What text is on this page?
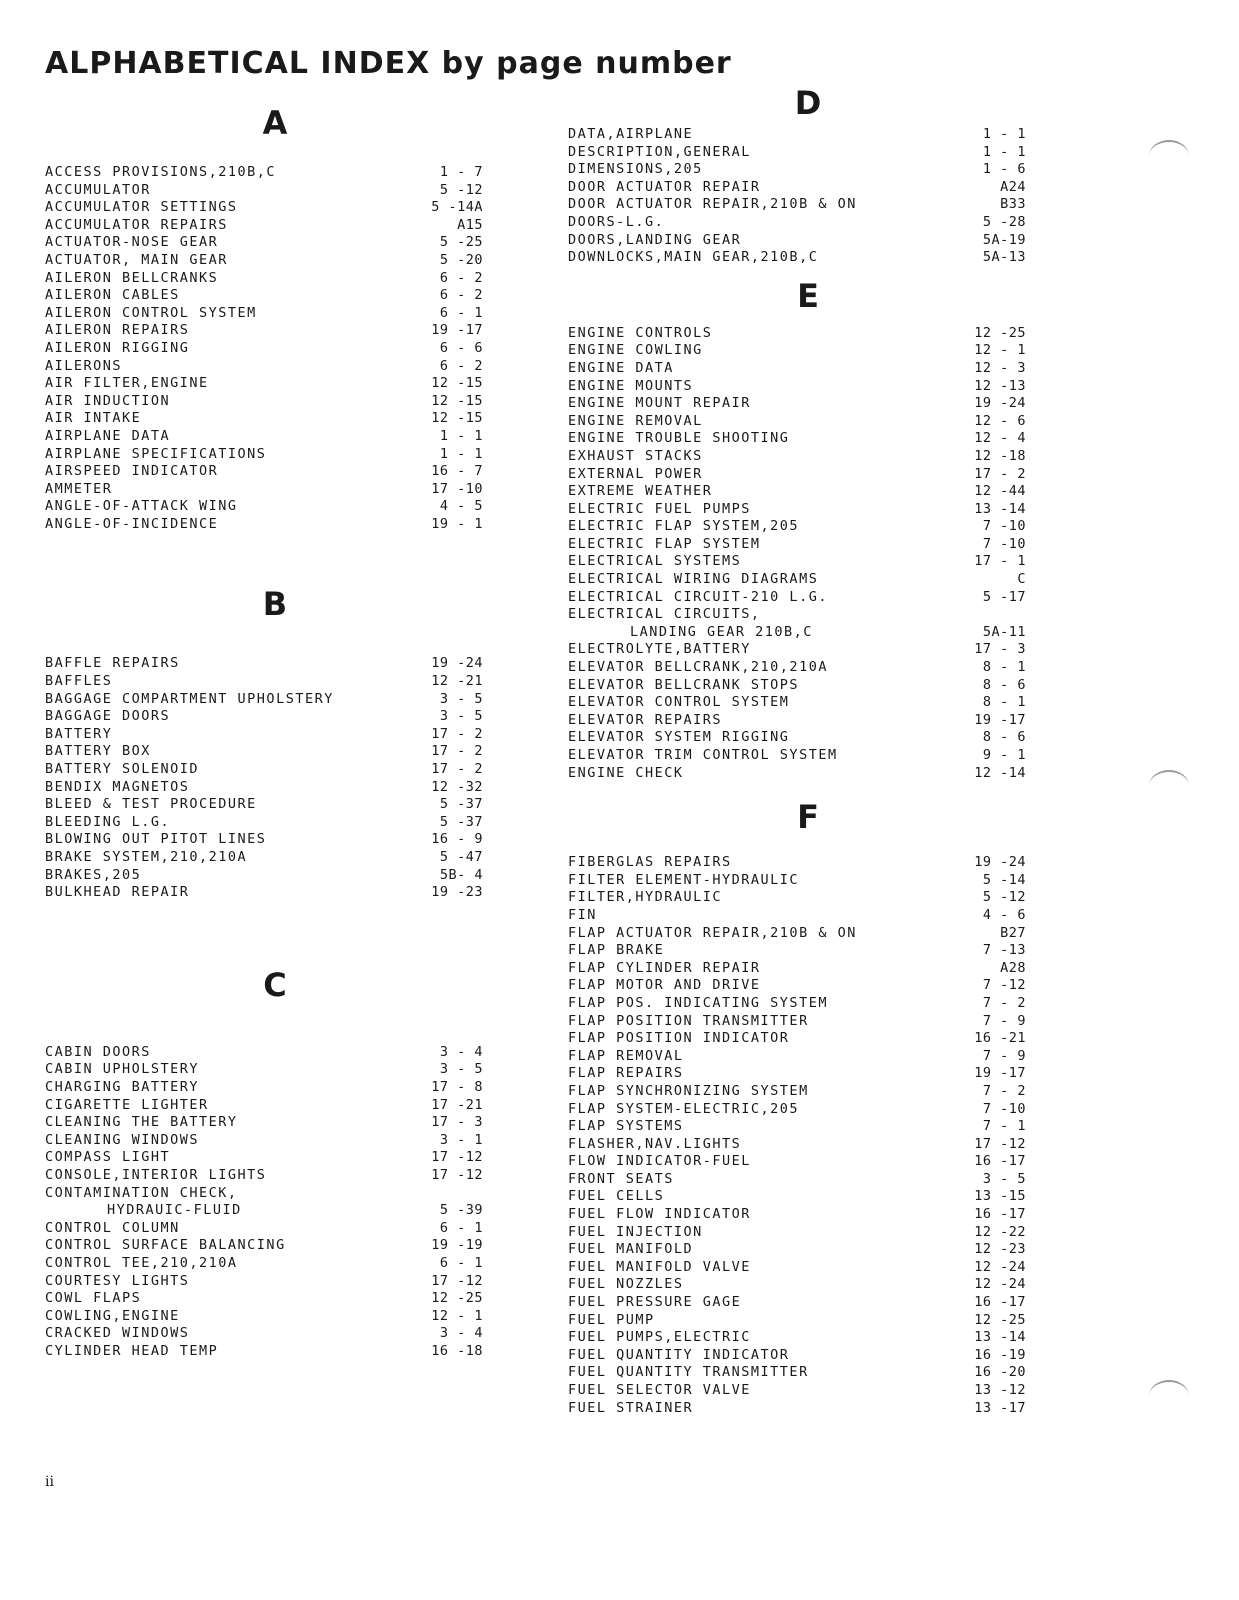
ALPHABETICAL INDEX by page number
A
ACCESS PROVISIONS,210B,C	1 - 7
ACCUMULATOR	5 -12
ACCUMULATOR SETTINGS	5 -14A
ACCUMULATOR REPAIRS	A15
ACTUATOR-NOSE GEAR	5 -25
ACTUATOR, MAIN GEAR	5 -20
AILERON BELLCRANKS	6 - 2
AILERON CABLES	6 - 2
AILERON CONTROL SYSTEM	6 - 1
AILERON REPAIRS	19 -17
AILERON RIGGING	6 - 6
AILERONS	6 - 2
AIR FILTER,ENGINE	12 -15
AIR INDUCTION	12 -15
AIR INTAKE	12 -15
AIRPLANE DATA	1 - 1
AIRPLANE SPECIFICATIONS	1 - 1
AIRSPEED INDICATOR	16 - 7
AMMETER	17 -10
ANGLE-OF-ATTACK WING	4 - 5
ANGLE-OF-INCIDENCE	19 - 1
B
BAFFLE REPAIRS	19 -24
BAFFLES	12 -21
BAGGAGE COMPARTMENT UPHOLSTERY	3 - 5
BAGGAGE DOORS	3 - 5
BATTERY	17 - 2
BATTERY BOX	17 - 2
BATTERY SOLENOID	17 - 2
BENDIX MAGNETOS	12 -32
BLEED & TEST PROCEDURE	5 -37
BLEEDING L.G.	5 -37
BLOWING OUT PITOT LINES	16 - 9
BRAKE SYSTEM,210,210A	5 -47
BRAKES,205	5B- 4
BULKHEAD REPAIR	19 -23
C
CABIN DOORS	3 - 4
CABIN UPHOLSTERY	3 - 5
CHARGING BATTERY	17 - 8
CIGARETTE LIGHTER	17 -21
CLEANING THE BATTERY	17 - 3
CLEANING WINDOWS	3 - 1
COMPASS LIGHT	17 -12
CONSOLE,INTERIOR LIGHTS	17 -12
CONTAMINATION CHECK,
HYDRAUIC-FLUID	5 -39
CONTROL COLUMN	6 - 1
CONTROL SURFACE BALANCING	19 -19
CONTROL TEE,210,210A	6 - 1
COURTESY LIGHTS	17 -12
COWL FLAPS	12 -25
COWLING,ENGINE	12 - 1
CRACKED WINDOWS	3 - 4
CYLINDER HEAD TEMP	16 -18
D
DATA,AIRPLANE	1 - 1
DESCRIPTION,GENERAL	1 - 1
DIMENSIONS,205	1 - 6
DOOR ACTUATOR REPAIR	A24
DOOR ACTUATOR REPAIR,210B & ON	B33
DOORS-L.G.	5 -28
DOORS,LANDING GEAR	5A-19
DOWNLOCKS,MAIN GEAR,210B,C	5A-13
E
ENGINE CONTROLS	12 -25
ENGINE COWLING	12 - 1
ENGINE DATA	12 - 3
ENGINE MOUNTS	12 -13
ENGINE MOUNT REPAIR	19 -24
ENGINE REMOVAL	12 - 6
ENGINE TROUBLE SHOOTING	12 - 4
EXHAUST STACKS	12 -18
EXTERNAL POWER	17 - 2
EXTREME WEATHER	12 -44
ELECTRIC FUEL PUMPS	13 -14
ELECTRIC FLAP SYSTEM,205	7 -10
ELECTRIC FLAP SYSTEM	7 -10
ELECTRICAL SYSTEMS	17 - 1
ELECTRICAL WIRING DIAGRAMS	C
ELECTRICAL CIRCUIT-210 L.G.	5 -17
ELECTRICAL CIRCUITS,
LANDING GEAR 210B,C	5A-11
ELECTROLYTE,BATTERY	17 - 3
ELEVATOR BELLCRANK,210,210A	8 - 1
ELEVATOR BELLCRANK STOPS	8 - 6
ELEVATOR CONTROL SYSTEM	8 - 1
ELEVATOR REPAIRS	19 -17
ELEVATOR SYSTEM RIGGING	8 - 6
ELEVATOR TRIM CONTROL SYSTEM	9 - 1
ENGINE CHECK	12 -14
F
FIBERGLAS REPAIRS	19 -24
FILTER ELEMENT-HYDRAULIC	5 -14
FILTER,HYDRAULIC	5 -12
FIN	4 - 6
FLAP ACTUATOR REPAIR,210B & ON	B27
FLAP BRAKE	7 -13
FLAP CYLINDER REPAIR	A28
FLAP MOTOR AND DRIVE	7 -12
FLAP POS. INDICATING SYSTEM	7 - 2
FLAP POSITION TRANSMITTER	7 - 9
FLAP POSITION INDICATOR	16 -21
FLAP REMOVAL	7 - 9
FLAP REPAIRS	19 -17
FLAP SYNCHRONIZING SYSTEM	7 - 2
FLAP SYSTEM-ELECTRIC,205	7 -10
FLAP SYSTEMS	7 - 1
FLASHER,NAV.LIGHTS	17 -12
FLOW INDICATOR-FUEL	16 -17
FRONT SEATS	3 - 5
FUEL CELLS	13 -15
FUEL FLOW INDICATOR	16 -17
FUEL INJECTION	12 -22
FUEL MANIFOLD	12 -23
FUEL MANIFOLD VALVE	12 -24
FUEL NOZZLES	12 -24
FUEL PRESSURE GAGE	16 -17
FUEL PUMP	12 -25
FUEL PUMPS,ELECTRIC	13 -14
FUEL QUANTITY INDICATOR	16 -19
FUEL QUANTITY TRANSMITTER	16 -20
FUEL SELECTOR VALVE	13 -12
FUEL STRAINER	13 -17
ii
